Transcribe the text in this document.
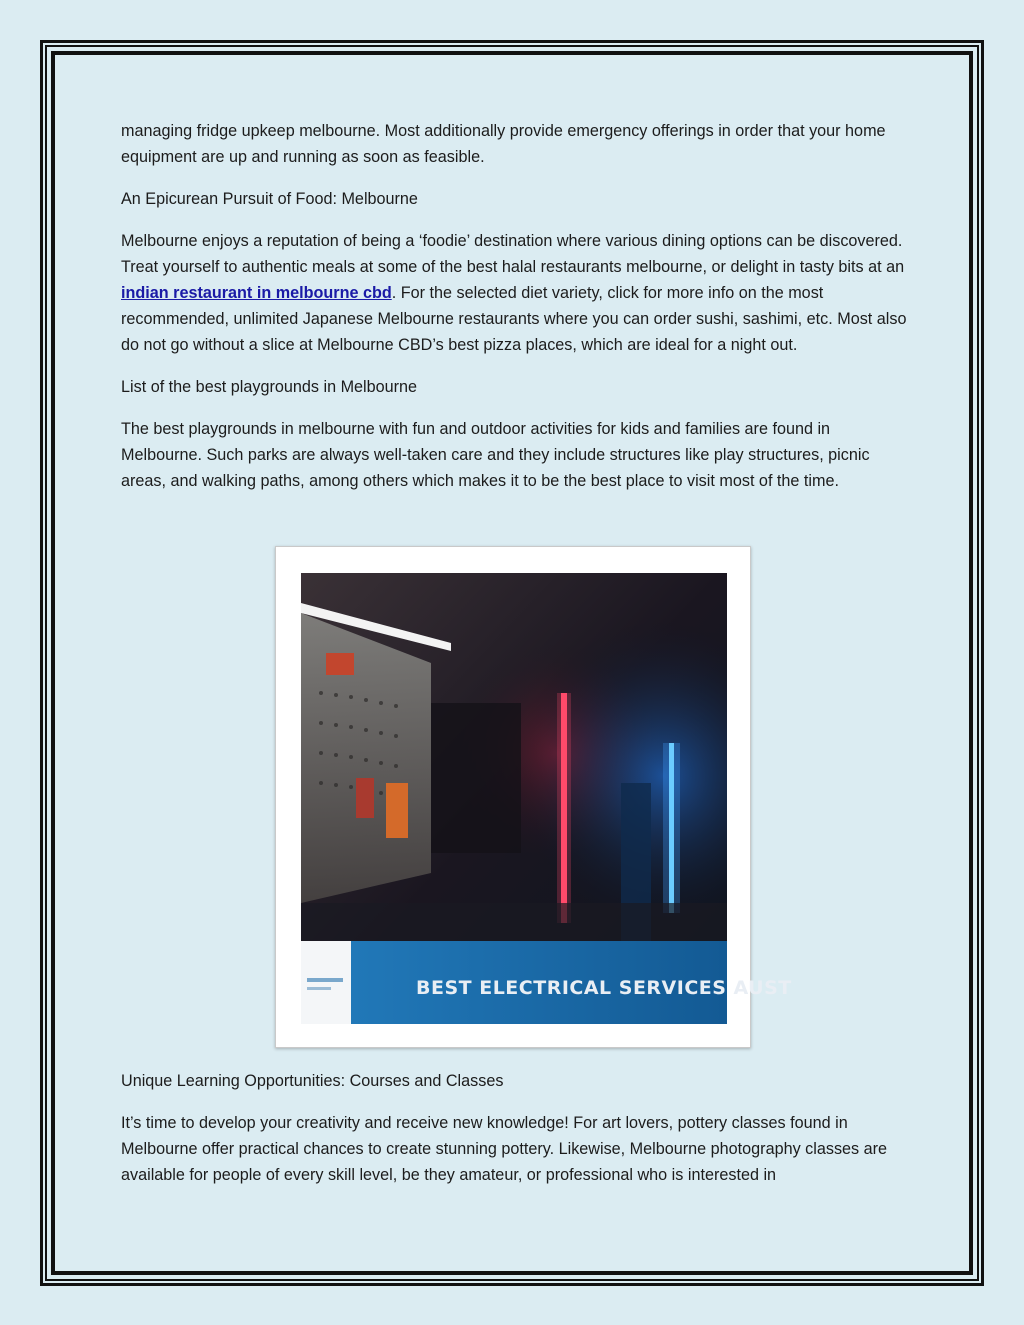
managing fridge upkeep melbourne. Most additionally provide emergency offerings in order that your home equipment are up and running as soon as feasible.

An Epicurean Pursuit of Food: Melbourne

Melbourne enjoys a reputation of being a ‘foodie’ destination where various dining options can be discovered. Treat yourself to authentic meals at some of the best halal restaurants melbourne, or delight in tasty bits at an indian restaurant in melbourne cbd. For the selected diet variety, click for more info on the most recommended, unlimited Japanese Melbourne restaurants where you can order sushi, sashimi, etc. Most also do not go without a slice at Melbourne CBD’s best pizza places, which are ideal for a night out.

List of the best playgrounds in Melbourne

The best playgrounds in melbourne with fun and outdoor activities for kids and families are found in Melbourne. Such parks are always well-taken care and they include structures like play structures, picnic areas, and walking paths, among others which makes it to be the best place to visit most of the time.

BEST ELECTRICAL SERVICES AUST

Unique Learning Opportunities: Courses and Classes

It’s time to develop your creativity and receive new knowledge! For art lovers, pottery classes found in Melbourne offer practical chances to create stunning pottery. Likewise, Melbourne photography classes are available for people of every skill level, be they amateur, or professional who is interested in
